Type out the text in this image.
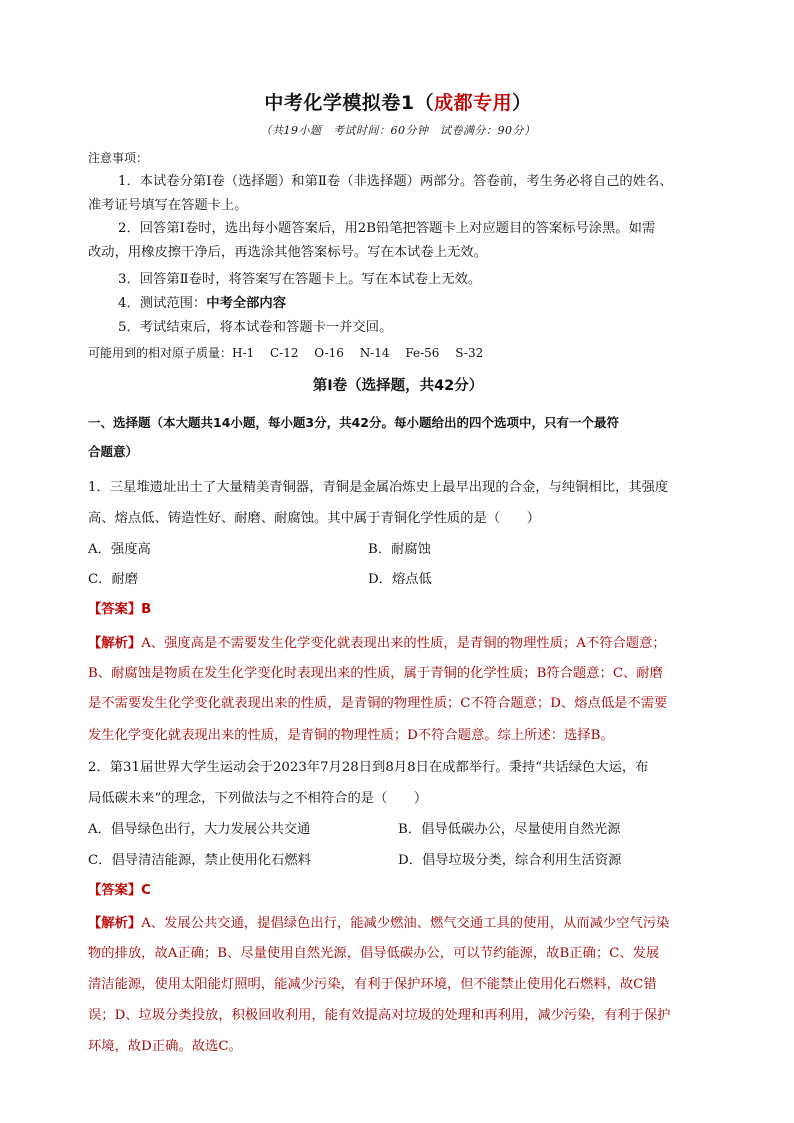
中考化学模拟卷1（成都专用）
（共19小题　考试时间：60分钟　试卷满分：90分）
注意事项：
1．本试卷分第Ⅰ卷（选择题）和第Ⅱ卷（非选择题）两部分。答卷前，考生务必将自己的姓名、
准考证号填写在答题卡上。
2．回答第Ⅰ卷时，选出每小题答案后，用2B铅笔把答题卡上对应题目的答案标号涂黑。如需
改动，用橡皮擦干净后，再选涂其他答案标号。写在本试卷上无效。
3．回答第Ⅱ卷时，将答案写在答题卡上。写在本试卷上无效。
4．测试范围：中考全部内容
5．考试结束后，将本试卷和答题卡一并交回。
可能用到的相对原子质量：H-1　 C-12　 O-16　 N-14　 Fe-56　 S-32
第Ⅰ卷（选择题，共42分）
一、选择题（本大题共14小题，每小题3分，共42分。每小题给出的四个选项中，只有一个最符
合题意）
1．三星堆遗址出土了大量精美青铜器，青铜是金属冶炼史上最早出现的合金，与纯铜相比，其强度
高、熔点低、铸造性好、耐磨、耐腐蚀。其中属于青铜化学性质的是（　　）
A．强度高	B．耐腐蚀
C．耐磨	D．熔点低
【答案】B
【解析】A、强度高是不需要发生化学变化就表现出来的性质，是青铜的物理性质；A不符合题意；
B、耐腐蚀是物质在发生化学变化时表现出来的性质，属于青铜的化学性质；B符合题意；C、耐磨
是不需要发生化学变化就表现出来的性质，是青铜的物理性质；C不符合题意；D、熔点低是不需要
发生化学变化就表现出来的性质，是青铜的物理性质；D不符合题意。综上所述：选择B。
2．第31届世界大学生运动会于2023年7月28日到8月8日在成都举行。秉持“共话绿色大运，布
局低碳未来”的理念，下列做法与之不相符合的是（　　）
A．倡导绿色出行，大力发展公共交通	B．倡导低碳办公，尽量使用自然光源
C．倡导清洁能源，禁止使用化石燃料	D．倡导垃圾分类，综合利用生活资源
【答案】C
【解析】A、发展公共交通，提倡绿色出行，能减少燃油、燃气交通工具的使用，从而减少空气污染
物的排放，故A正确；B、尽量使用自然光源，倡导低碳办公，可以节约能源，故B正确；C、发展
清洁能源，使用太阳能灯照明，能减少污染，有利于保护环境，但不能禁止使用化石燃料，故C错
误；D、垃圾分类投放，积极回收利用，能有效提高对垃圾的处理和再利用，减少污染，有利于保护
环境，故D正确。故选C。
